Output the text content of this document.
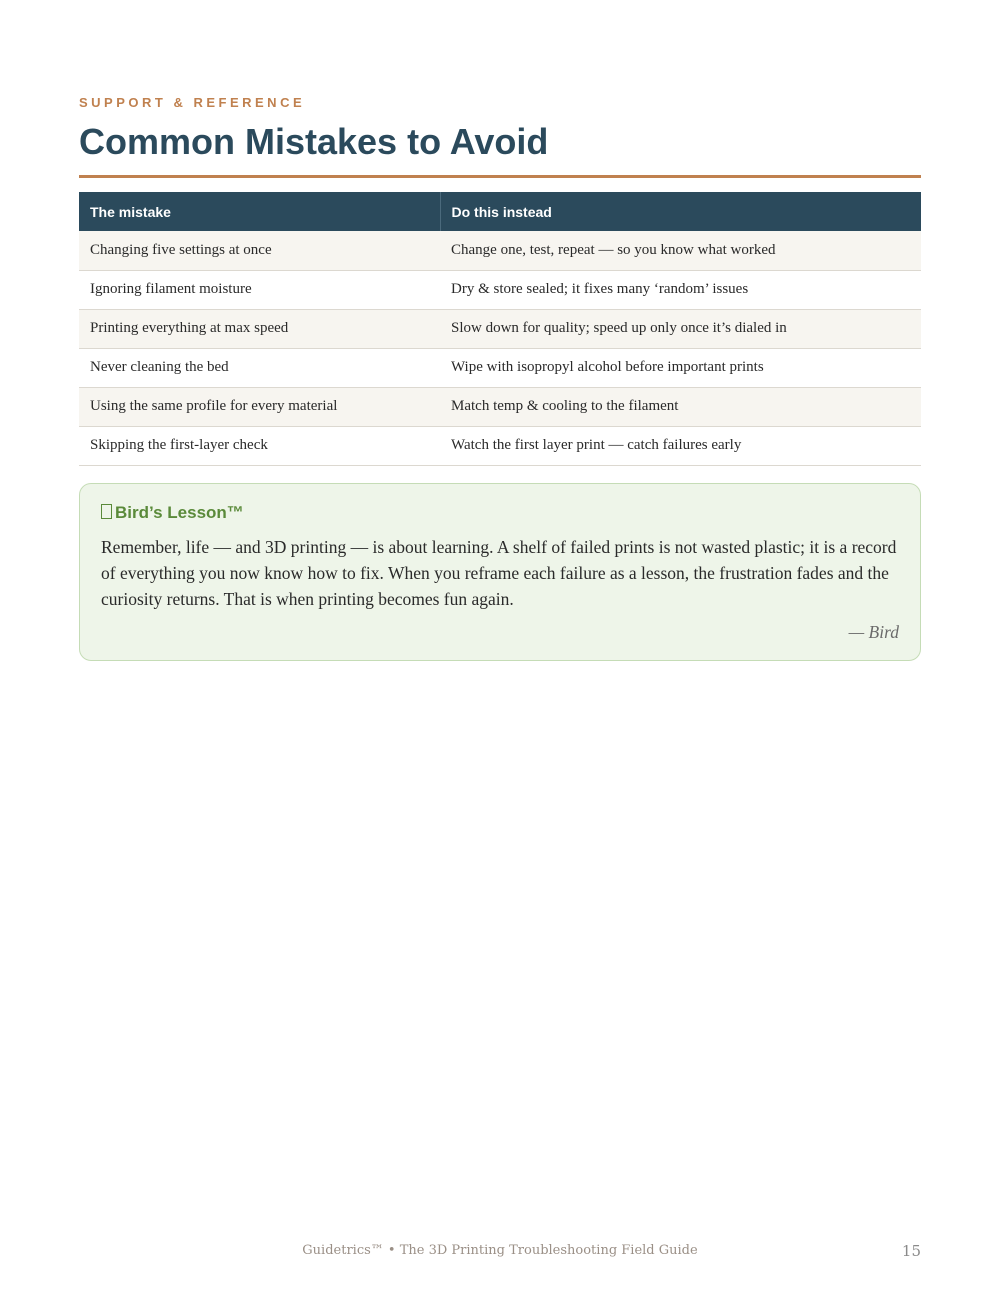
SUPPORT & REFERENCE
Common Mistakes to Avoid
The mistake	Do this instead
Changing five settings at once	Change one, test, repeat — so you know what worked
Ignoring filament moisture	Dry & store sealed; it fixes many ‘random’ issues
Printing everything at max speed	Slow down for quality; speed up only once it’s dialed in
Never cleaning the bed	Wipe with isopropyl alcohol before important prints
Using the same profile for every material	Match temp & cooling to the filament
Skipping the first-layer check	Watch the first layer print — catch failures early
Bird’s Lesson™
Remember, life — and 3D printing — is about learning. A shelf of failed prints is not wasted plastic; it is a record of everything you now know how to fix. When you reframe each failure as a lesson, the frustration fades and the curiosity returns. That is when printing becomes fun again.
— Bird
Guidetrics™ • The 3D Printing Troubleshooting Field Guide	15
